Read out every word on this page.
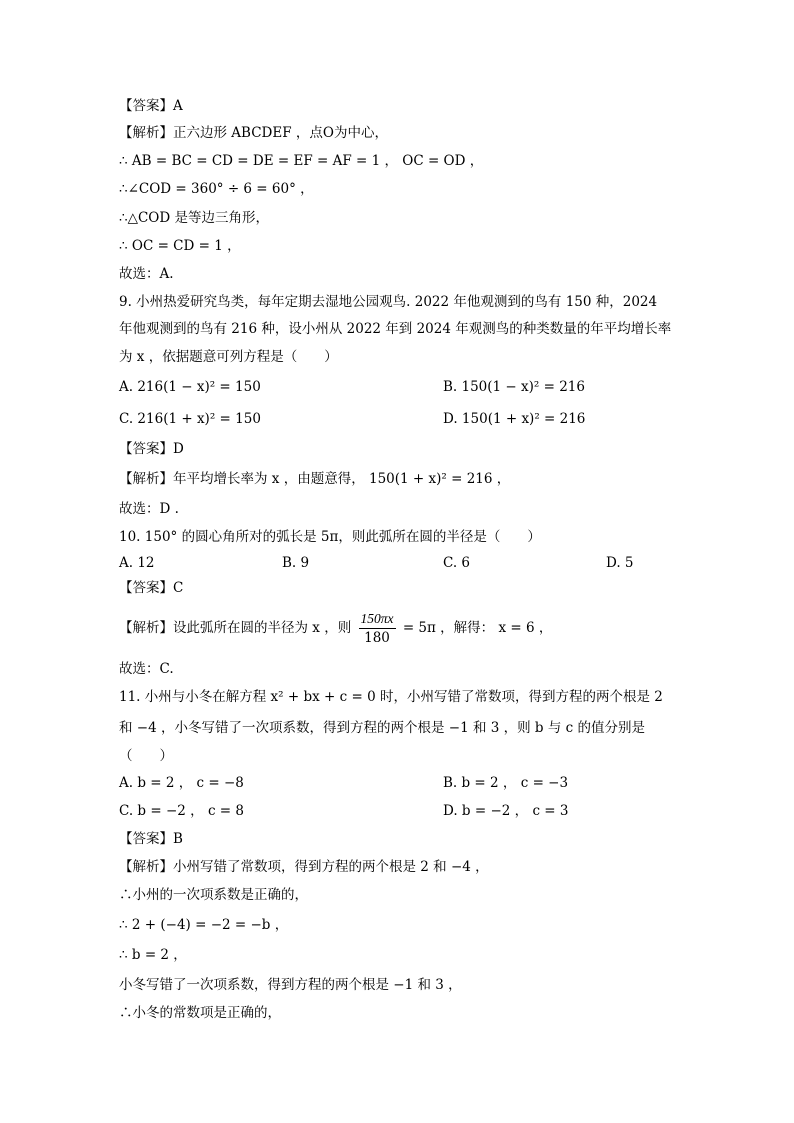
【答案】A
【解析】正六边形 ABCDEF ，点O为中心，
∴ AB = BC = CD = DE = EF = AF = 1 ， OC = OD ，
∴∠COD = 360° ÷ 6 = 60° ，
∴△COD 是等边三角形，
∴ OC = CD = 1 ，
故选：A.
9. 小州热爱研究鸟类，每年定期去湿地公园观鸟. 2022 年他观测到的鸟有 150 种，2024
年他观测到的鸟有 216 种，设小州从 2022 年到 2024 年观测鸟的种类数量的年平均增长率
为 x ，依据题意可列方程是（　　）
A. 216(1 − x)² = 150	B. 150(1 − x)² = 216
C. 216(1 + x)² = 150	D. 150(1 + x)² = 216
【答案】D
【解析】年平均增长率为 x ，由题意得， 150(1 + x)² = 216 ，
故选：D .
10. 150° 的圆心角所对的弧长是 5π，则此弧所在圆的半径是（　　）
A. 12	B. 9	C. 6	D. 5
【答案】C
【解析】设此弧所在圆的半径为 x ，则 $\frac{150\pi x}{180} = 5\pi$ ，解得： x = 6 ，
故选：C.
11. 小州与小冬在解方程 x² + bx + c = 0 时，小州写错了常数项，得到方程的两个根是 2
和 −4 ，小冬写错了一次项系数，得到方程的两个根是 −1 和 3 ，则 b 与 c 的值分别是
（　　）
A. b = 2 ， c = −8	B. b = 2 ， c = −3
C. b = −2 ， c = 8	D. b = −2 ， c = 3
【答案】B
【解析】小州写错了常数项，得到方程的两个根是 2 和 −4 ，
∴小州的一次项系数是正确的，
∴ 2 + (−4) = −2 = −b ，
∴ b = 2 ，
小冬写错了一次项系数，得到方程的两个根是 −1 和 3 ，
∴小冬的常数项是正确的，
